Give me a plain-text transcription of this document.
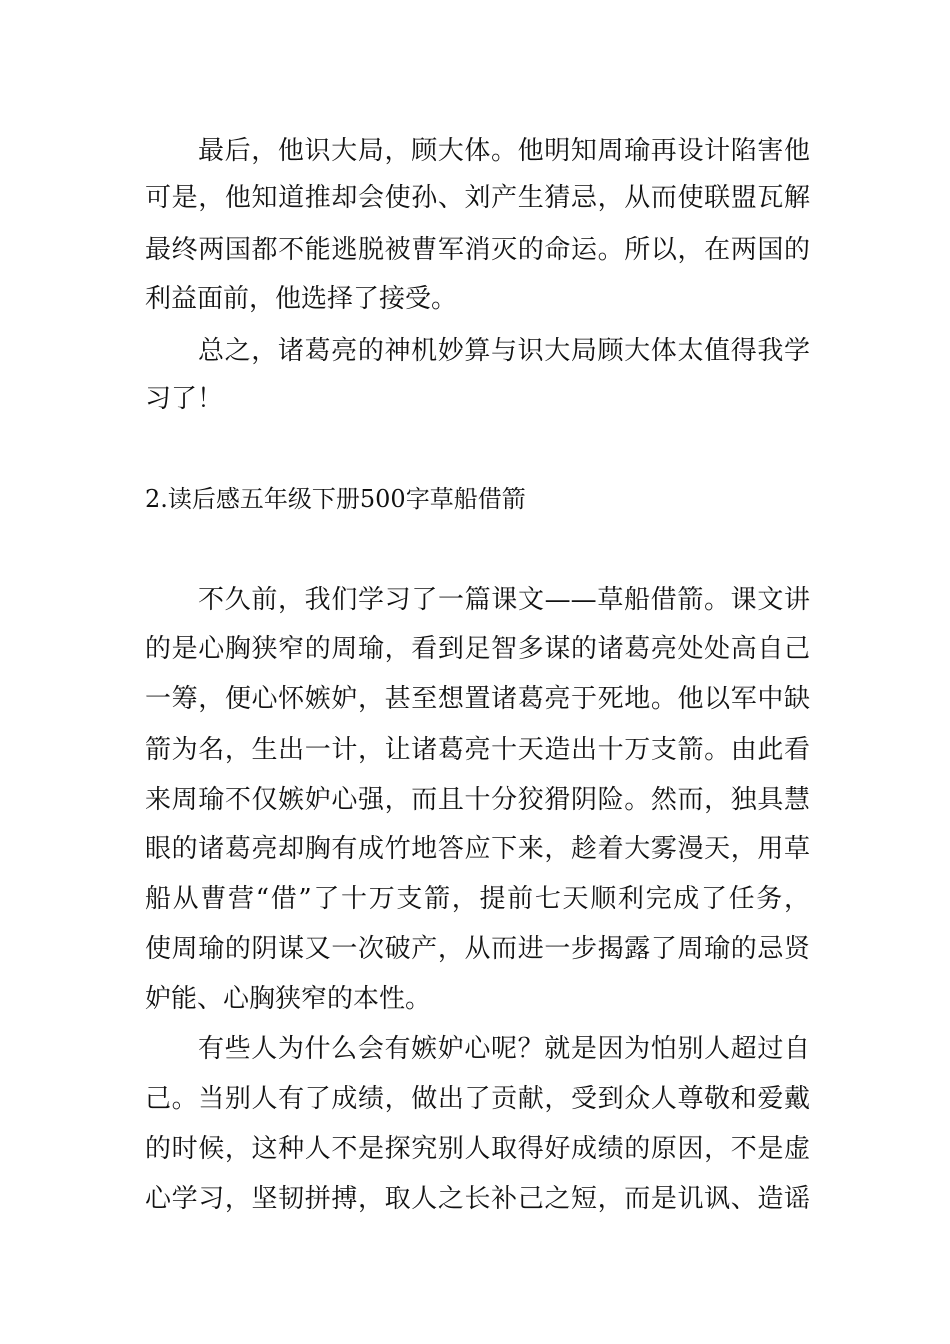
最后，他识大局，顾大体。他明知周瑜再设计陷害他
可是，他知道推却会使孙、刘产生猜忌，从而使联盟瓦解
最终两国都不能逃脱被曹军消灭的命运。所以，在两国的
利益面前，他选择了接受。
总之，诸葛亮的神机妙算与识大局顾大体太值得我学
习了！
2.读后感五年级下册500字草船借箭
不久前，我们学习了一篇课文——草船借箭。课文讲
的是心胸狭窄的周瑜，看到足智多谋的诸葛亮处处高自己
一筹，便心怀嫉妒，甚至想置诸葛亮于死地。他以军中缺
箭为名，生出一计，让诸葛亮十天造出十万支箭。由此看
来周瑜不仅嫉妒心强，而且十分狡猾阴险。然而，独具慧
眼的诸葛亮却胸有成竹地答应下来，趁着大雾漫天，用草
船从曹营“借”了十万支箭，提前七天顺利完成了任务，
使周瑜的阴谋又一次破产，从而进一步揭露了周瑜的忌贤
妒能、心胸狭窄的本性。
有些人为什么会有嫉妒心呢？就是因为怕别人超过自
己。当别人有了成绩，做出了贡献，受到众人尊敬和爱戴
的时候，这种人不是探究别人取得好成绩的原因，不是虚
心学习，坚韧拼搏，取人之长补己之短，而是讥讽、造谣
